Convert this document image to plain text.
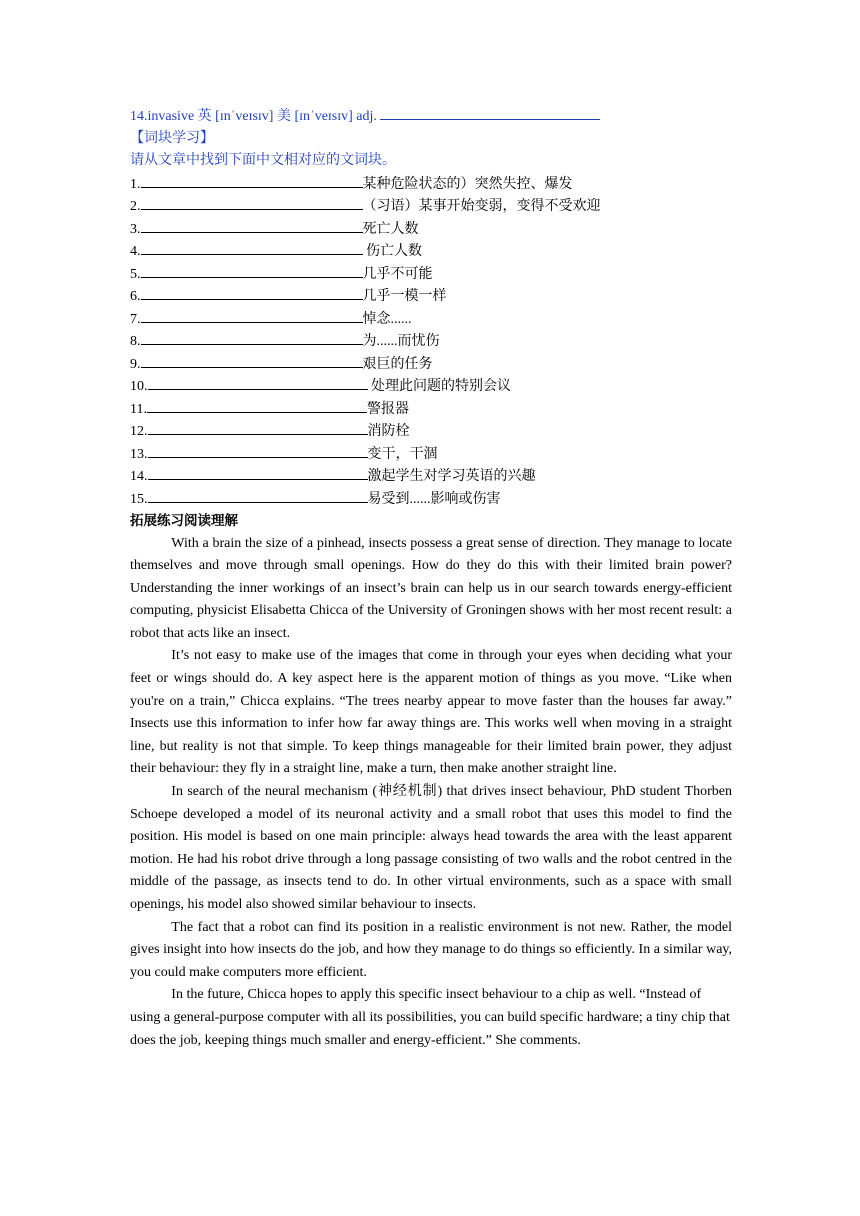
14.invasive 英 [ɪnˈveɪsɪv] 美 [ɪnˈveɪsɪv] adj.
【词块学习】
请从文章中找到下面中文相对应的文词块。
1.	某种危险状态的）突然失控、爆发
2.	（习语）某事开始变弱，变得不受欢迎
3.	死亡人数
4.	伤亡人数
5.	几乎不可能
6.	几乎一模一样
7.	悼念......
8.	为......而忧伤
9.	艰巨的任务
10.	处理此问题的特别会议
11.	警报器
12.	消防栓
13.	变干，干涸
14.	激起学生对学习英语的兴趣
15.	易受到......影响或伤害
拓展练习阅读理解

With a brain the size of a pinhead, insects possess a great sense of direction. They manage to locate themselves and move through small openings. How do they do this with their limited brain power? Understanding the inner workings of an insect’s brain can help us in our search towards energy-efficient computing, physicist Elisabetta Chicca of the University of Groningen shows with her most recent result: a robot that acts like an insect.

It’s not easy to make use of the images that come in through your eyes when deciding what your feet or wings should do. A key aspect here is the apparent motion of things as you move. “Like when you're on a train,” Chicca explains. “The trees nearby appear to move faster than the houses far away.” Insects use this information to infer how far away things are. This works well when moving in a straight line, but reality is not that simple. To keep things manageable for their limited brain power, they adjust their behaviour: they fly in a straight line, make a turn, then make another straight line.

In search of the neural mechanism (神经机制) that drives insect behaviour, PhD student Thorben Schoepe developed a model of its neuronal activity and a small robot that uses this model to find the position. His model is based on one main principle: always head towards the area with the least apparent motion. He had his robot drive through a long passage consisting of two walls and the robot centred in the middle of the passage, as insects tend to do. In other virtual environments, such as a space with small openings, his model also showed similar behaviour to insects.

The fact that a robot can find its position in a realistic environment is not new. Rather, the model gives insight into how insects do the job, and how they manage to do things so efficiently. In a similar way, you could make computers more efficient.

In the future, Chicca hopes to apply this specific insect behaviour to a chip as well. “Instead of using a general-purpose computer with all its possibilities, you can build specific hardware; a tiny chip that does the job, keeping things much smaller and energy-efficient.” She comments.
